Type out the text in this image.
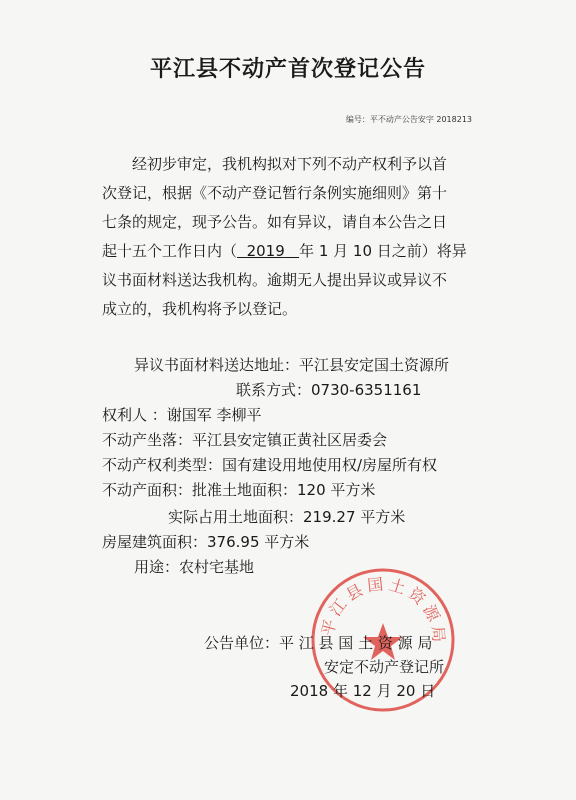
平江县不动产首次登记公告
编号：平不动产公告安字 2018213
经初步审定，我机构拟对下列不动产权利予以首
次登记，根据《不动产登记暂行条例实施细则》第十
七条的规定，现予公告。如有异议，请自本公告之日
起十五个工作日内（ 2019 年 1 月 10 日之前）将异
议书面材料送达我机构。逾期无人提出异议或异议不
成立的，我机构将予以登记。
异议书面材料送达地址：平江县安定国土资源所
联系方式：0730-6351161
权利人 ：谢国军 李柳平
不动产坐落：平江县安定镇正黄社区居委会
不动产权利类型：国有建设用地使用权/房屋所有权
不动产面积：批准土地面积：120 平方米
实际占用土地面积：219.27 平方米
房屋建筑面积：376.95 平方米
用途：农村宅基地
平江县国土资源局
公告单位：平 江 县 国 土 资 源 局
安定不动产登记所
2018 年 12 月 20 日
